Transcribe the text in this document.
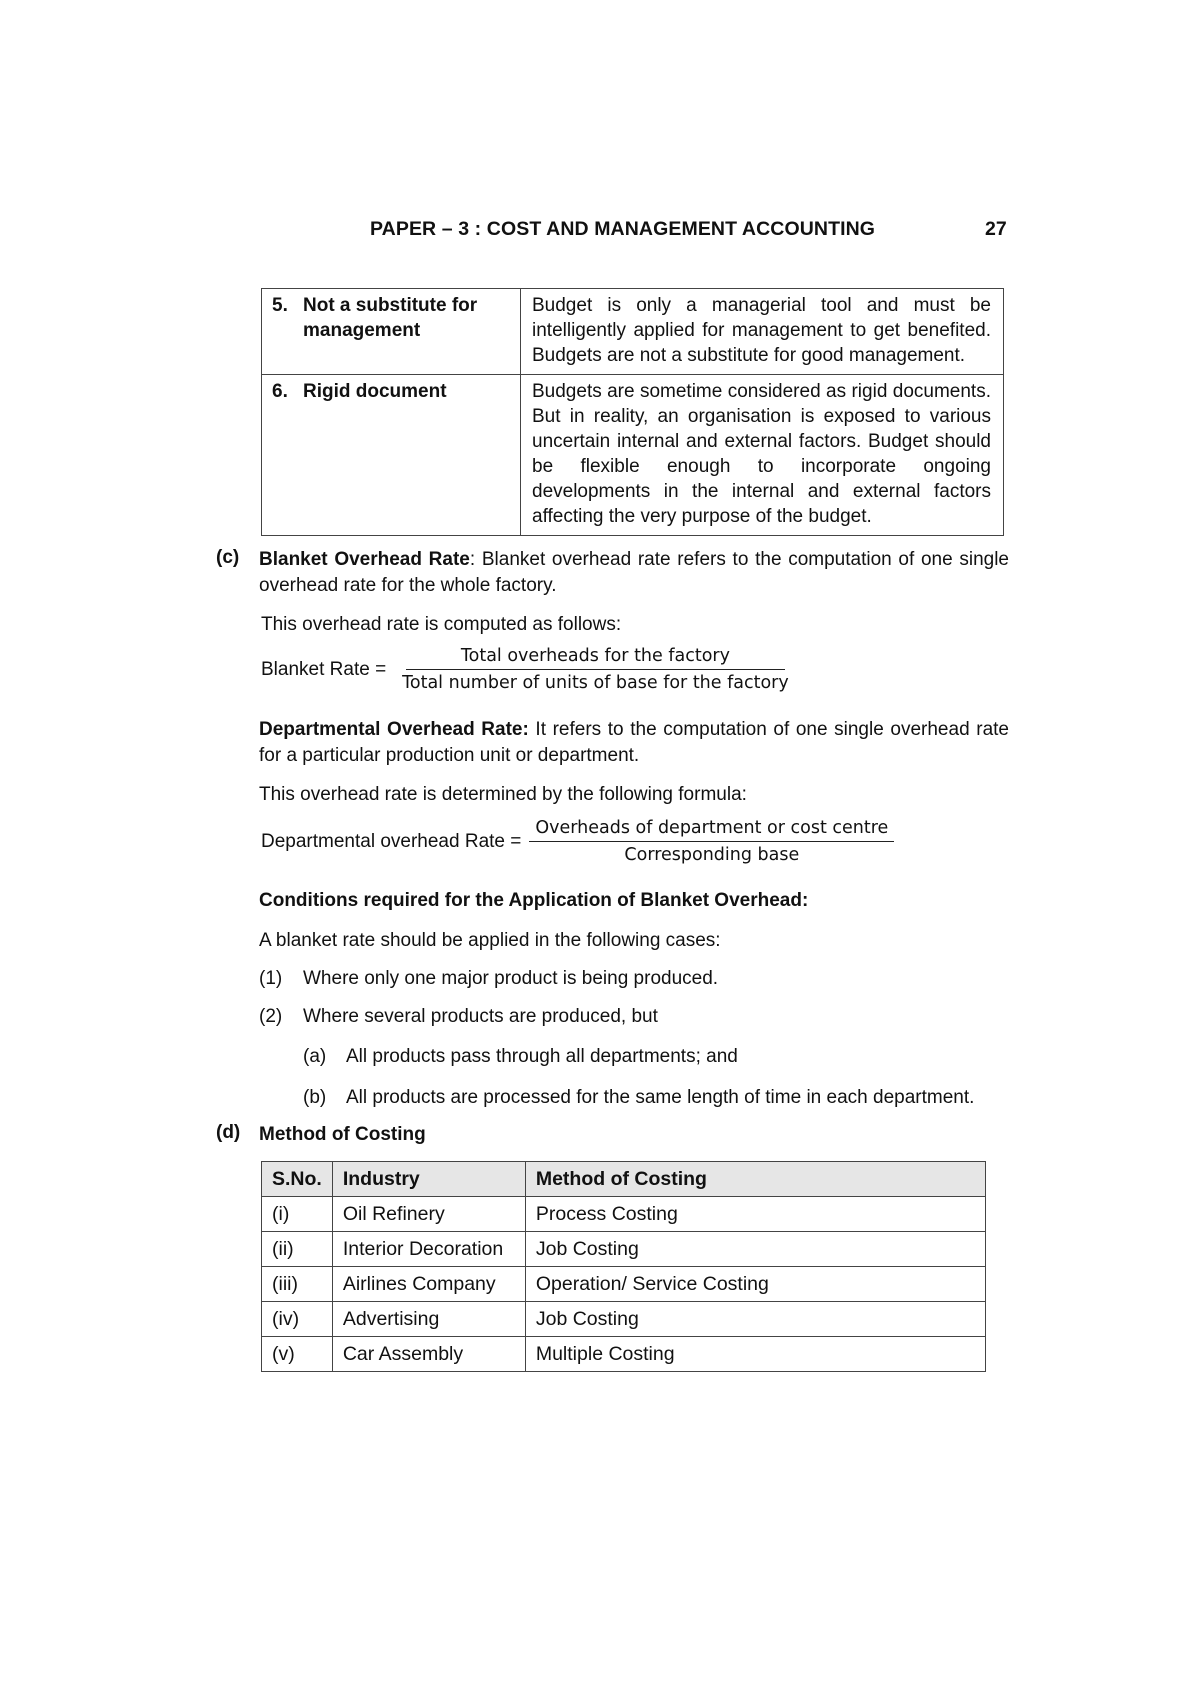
PAPER – 3 : COST AND MANAGEMENT ACCOUNTING	27
5. Not a substitute for
management	Budget is only a managerial tool and must be intelligently applied for management to get benefited. Budgets are not a substitute for good management.

6. Rigid document	Budgets are sometime considered as rigid documents. But in reality, an organisation is exposed to various uncertain internal and external factors. Budget should be flexible enough to incorporate ongoing developments in the internal and external factors affecting the very purpose of the budget.
(c) Blanket Overhead Rate: Blanket overhead rate refers to the computation of one single overhead rate for the whole factory.
This overhead rate is computed as follows:
Blanket Rate = $\frac{\text{Total overheads for the factory}}{\text{Total number of units of base for the factory}}$
Departmental Overhead Rate: It refers to the computation of one single overhead rate for a particular production unit or department.
This overhead rate is determined by the following formula:
Departmental overhead Rate = $\frac{\text{Overheads of department or cost centre}}{\text{Corresponding base}}$
Conditions required for the Application of Blanket Overhead:
A blanket rate should be applied in the following cases:
(1) Where only one major product is being produced.
(2) Where several products are produced, but
(a) All products pass through all departments; and
(b) All products are processed for the same length of time in each department.
(d) Method of Costing
S.No.	Industry	Method of Costing
(i)	Oil Refinery	Process Costing
(ii)	Interior Decoration	Job Costing
(iii)	Airlines Company	Operation/ Service Costing
(iv)	Advertising	Job Costing
(v)	Car Assembly	Multiple Costing
